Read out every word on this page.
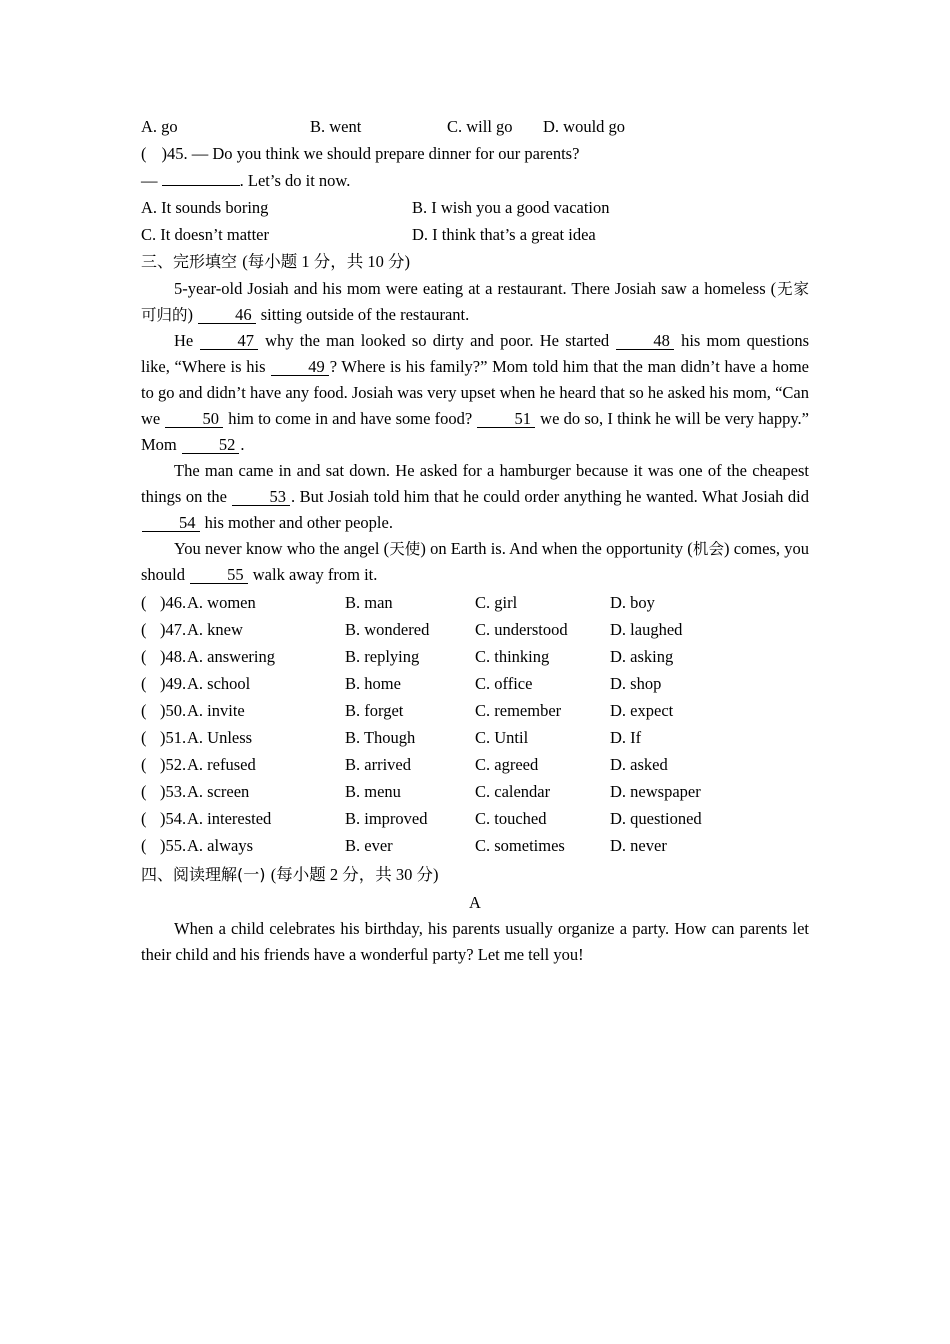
A. go	B. went	C. will go D. would go
( )45. — Do you think we should prepare dinner for our parents?
—	. Let’s do it now.
A. It sounds boring	B. I wish you a good vacation
C. It doesn’t matter	D. I think that’s a great idea
三、完形填空 (每小题 1 分，共 10 分)

5-year-old Josiah and his mom were eating at a restaurant. There Josiah saw a homeless (无家可归的) 46 sitting outside of the restaurant.

He 47 why the man looked so dirty and poor. He started 48 his mom questions like, “Where is his 49 ? Where is his family?” Mom told him that the man didn’t have a home to go and didn’t have any food. Josiah was very upset when he heard that so he asked his mom, “Can we 50 him to come in and have some food? 51 we do so, I think he will be very happy.” Mom 52 .

The man came in and sat down. He asked for a hamburger because it was one of the cheapest things on the 53 . But Josiah told him that he could order anything he wanted. What Josiah did 54 his mother and other people.

You never know who the angel (天使) on Earth is. And when the opportunity (机会) comes, you should 55 walk away from it.

( )46. A. women	B. man	C. girl	D. boy
( )47. A. knew	B. wondered	C. understood	D. laughed
( )48. A. answering	B. replying	C. thinking	D. asking
( )49. A. school	B. home	C. office	D. shop
( )50. A. invite	B. forget	C. remember	D. expect
( )51. A. Unless	B. Though	C. Until	D. If
( )52. A. refused	B. arrived	C. agreed	D. asked
( )53. A. screen	B. menu	C. calendar	D. newspaper
( )54. A. interested	B. improved	C. touched	D. questioned
( )55. A. always	B. ever	C. sometimes	D. never
四、阅读理解(一) (每小题 2 分，共 30 分)
A

When a child celebrates his birthday, his parents usually organize a party. How can parents let their child and his friends have a wonderful party? Let me tell you!
